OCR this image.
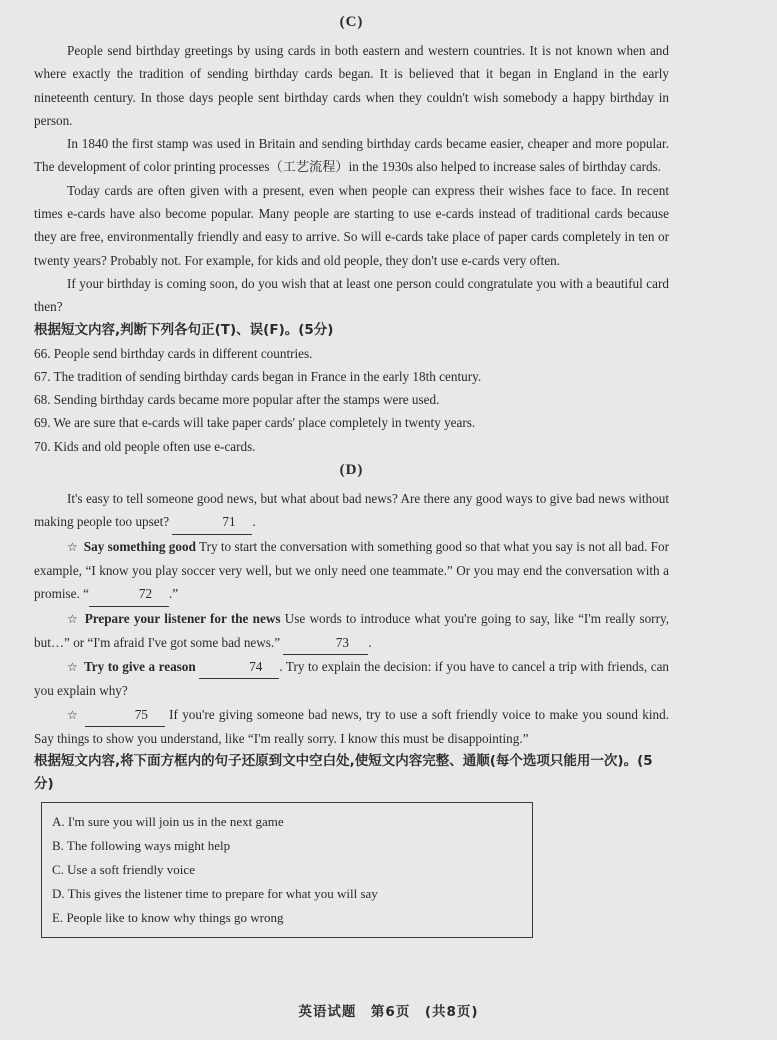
(C)

People send birthday greetings by using cards in both eastern and western countries. It is not known when and where exactly the tradition of sending birthday cards began. It is believed that it began in England in the early nineteenth century. In those days people sent birthday cards when they couldn't wish somebody a happy birthday in person.

In 1840 the first stamp was used in Britain and sending birthday cards became easier, cheaper and more popular. The development of color printing processes（工艺流程）in the 1930s also helped to increase sales of birthday cards.

Today cards are often given with a present, even when people can express their wishes face to face. In recent times e-cards have also become popular. Many people are starting to use e-cards instead of traditional cards because they are free, environmentally friendly and easy to arrive. So will e-cards take place of paper cards completely in ten or twenty years? Probably not. For example, for kids and old people, they don't use e-cards very often.

If your birthday is coming soon, do you wish that at least one person could congratulate you with a beautiful card then?

根据短文内容,判断下列各句正(T)、误(F)。(5分)

66. People send birthday cards in different countries.

67. The tradition of sending birthday cards began in France in the early 18th century.

68. Sending birthday cards became more popular after the stamps were used.

69. We are sure that e-cards will take paper cards' place completely in twenty years.

70. Kids and old people often use e-cards.

(D)

It's easy to tell someone good news, but what about bad news? Are there any good ways to give bad news without making people too upset?	71 .

☆ Say something good Try to start the conversation with something good so that what you say is not all bad. For example, “I know you play soccer very well, but we only need one teammate.” Or you may end the conversation with a promise. “	72 .”

☆ Prepare your listener for the news Use words to introduce what you're going to say, like “I'm really sorry, but…” or “I'm afraid I've got some bad news.”	73 .

☆ Try to give a reason	74 . Try to explain the decision: if you have to cancel a trip with friends, can you explain why?

☆	75 If you're giving someone bad news, try to use a soft friendly voice to make you sound kind. Say things to show you understand, like “I'm really sorry. I know this must be disappointing.”

根据短文内容,将下面方框内的句子还原到文中空白处,使短文内容完整、通顺(每个选项只能用一次)。(5分)

A. I'm sure you will join us in the next game

B. The following ways might help

C. Use a soft friendly voice

D. This gives the listener time to prepare for what you will say

E. People like to know why things go wrong

英语试题　第6页　(共8页)
